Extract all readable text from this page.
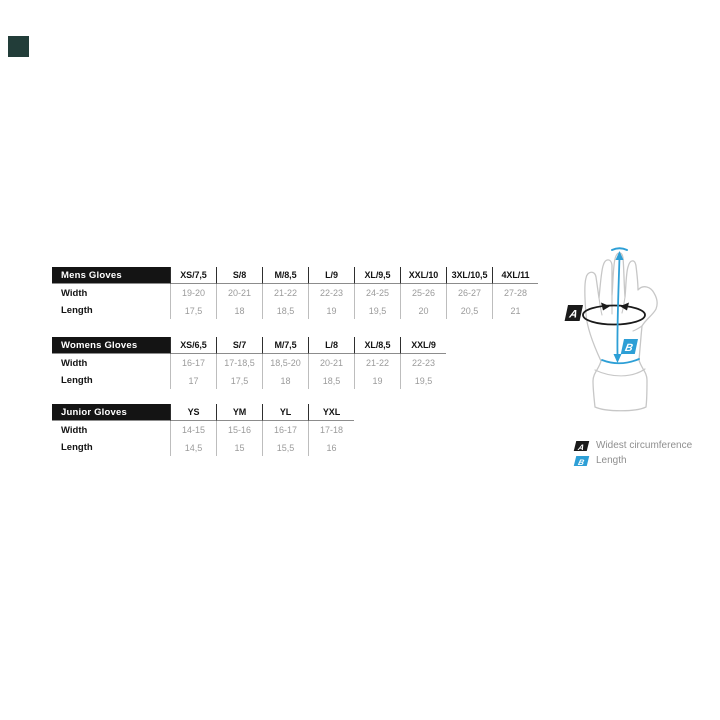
Mens Gloves	XS/7,5	S/8	M/8,5	L/9	XL/9,5	XXL/10	3XL/10,5	4XL/11
Width	19-20	20-21	21-22	22-23	24-25	25-26	26-27	27-28
Length	17,5	18	18,5	19	19,5	20	20,5	21
Womens Gloves	XS/6,5	S/7	M/7,5	L/8	XL/8,5	XXL/9
Width	16-17	17-18,5	18,5-20	20-21	21-22	22-23
Length	17	17,5	18	18,5	19	19,5
Junior Gloves	YS	YM	YL	YXL
Width	14-15	15-16	16-17	17-18
Length	14,5	15	15,5	16
A
B
A	Widest circumference
B	Length
